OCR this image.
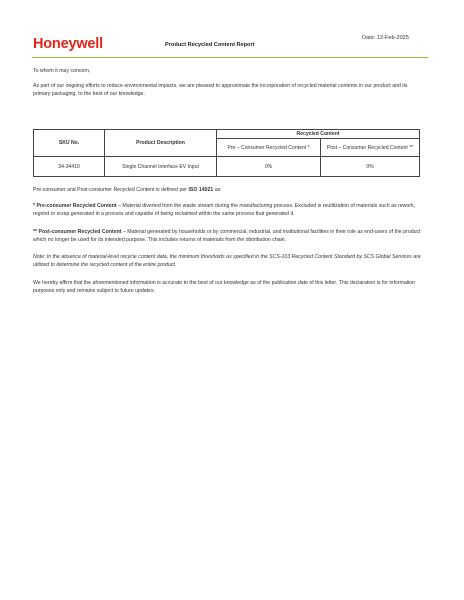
Honeywell	Product Recycled Content Report
Date: 12-Feb-2025

To whom it may concern,

As part of our ongoing efforts to reduce environmental impacts, we are pleased to approximate the incorporation of recycled material contents in our product and its primary packaging, to the best of our knowledge.

SKU No.	Product Description	Recycled Content	
		Pre – Consumer Recycled Content *	Post – Consumer Recycled Content **
34-34410	Single Channel Interface EV Input	0%	0%

Pre-consumer and Post-consumer Recycled Content is defined per ISO 14021 as:

* Pre-consumer Recycled Content – Material diverted from the waste stream during the manufacturing process. Excluded is reutilization of materials such as rework, regrind or scrap generated in a process and capable of being reclaimed within the same process that generated it.

** Post-consumer Recycled Content – Material generated by households or by commercial, industrial, and institutional facilities in their role as end-users of the product which no longer be used for its intended purpose. This includes returns of materials from the distribution chain.

Note: In the absence of material-level recycle content data, the minimum thresholds as specified in the SCS-103 Recycled Content Standard by SCS Global Services are utilized to determine the recycled content of the entire product.

We hereby affirm that the aforementioned information is accurate to the best of our knowledge as of the publication date of this letter. This declaration is for information purposes only and remains subject to future updates.
